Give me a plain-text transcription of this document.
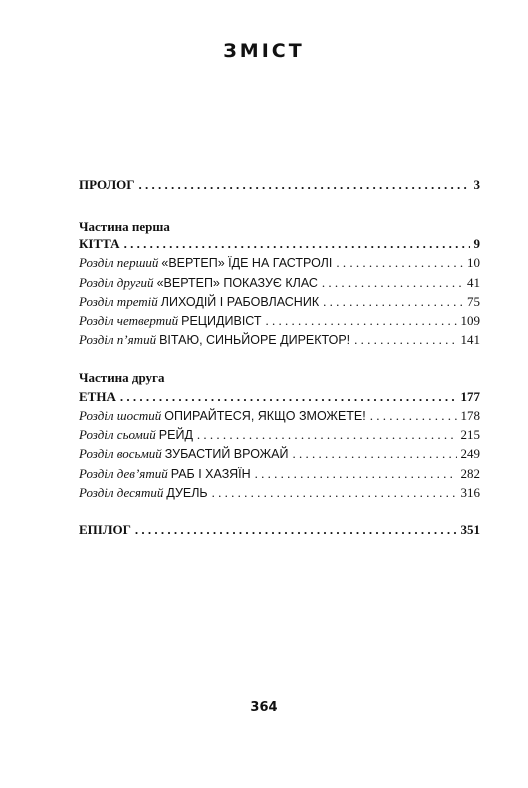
ЗМІСТ
ПРОЛОГ . . .	3
Частина перша
КІТТА . . .	9
Розділ перший «ВЕРТЕП» ЇДЕ НА ГАСТРОЛІ . . .	10
Розділ другий «ВЕРТЕП» ПОКАЗУЄ КЛАС . . .	41
Розділ третій ЛИХОДІЙ І РАБОВЛАСНИК . . .	75
Розділ четвертий РЕЦИДИВІСТ . . .	109
Розділ п’ятий ВІТАЮ, СИНЬЙОРЕ ДИРЕКТОР! . . .	141
Частина друга
ЕТНА . . .	177
Розділ шостий ОПИРАЙТЕСЯ, ЯКЩО ЗМОЖЕТЕ! . . .	178
Розділ сьомий РЕЙД . . .	215
Розділ восьмий ЗУБАСТИЙ ВРОЖАЙ . . .	249
Розділ дев’ятий РАБ І ХАЗЯЇН . . .	282
Розділ десятий ДУЕЛЬ . . .	316
ЕПІЛОГ . . .	351
364
